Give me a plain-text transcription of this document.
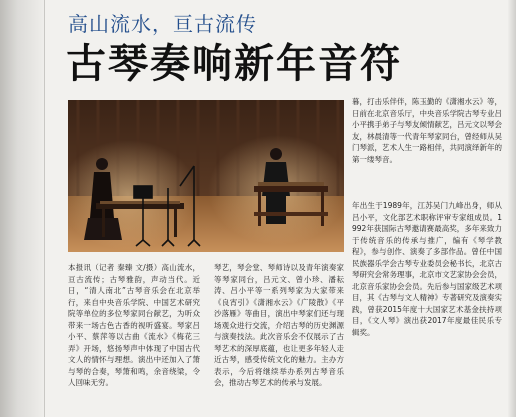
高山流水，亘古流传
古琴奏响新年音符

暮，打击乐伴伴，陈玉勤的《潇湘水云》等，日前在北京音乐厅，中央音乐学院古琴专业吕小平携手弟子与琴友倾情献艺，吕元文以琴会友，林晨清等一代青年琴家同台，曾经师从吴门琴派，艺术人生一路相伴，共同演绎新年的第一缕琴音。

年出生于1989年，江苏吴门九峰出身，师从吕小平，文化部艺术职称评审专家组成员。1992年获国际古琴邀请赛最高奖，多年来致力于传统音乐的传承与推广，编有《琴学教程》，参与创作、演奏了多部作品。曾任中国民族器乐学会古琴专业委员会秘书长，北京古琴研究会常务理事，北京市文艺家协会会员，北京音乐家协会会员。先后参与国家级艺术项目，其《古琴与文人精神》专著研究及演奏实践，曾获2015年度十大国家艺术基金扶持项目，《文人琴》演出获2017年度最佳民乐专辑奖。

本报讯（记者 秦臻 文/摄）高山流水，亘古流传；古琴雅韵，声动当代。近日，“清人南北”古琴音乐会在北京举行，来自中央音乐学院、中国艺术研究院等单位的多位琴家同台献艺，为听众带来一场古色古香的视听盛宴。琴家吕小平、蔡萍等以古曲《流水》《梅花三弄》开场，悠扬琴声中体现了中国古代文人的情怀与理想。演出中还加入了箫与琴的合奏，琴箫和鸣，余音绕梁，令人回味无穷。

琴艺，琴会堂、琴师诗以及青年演奏家等琴家同台，吕元文、曾小珍、潘耘涛、吕小平等一系列琴家为大家带来《良宵引》《潇湘水云》《广陵散》《平沙落雁》等曲目，演出中琴家们还与现场观众进行交流，介绍古琴的历史渊源与演奏技法。此次音乐会不仅展示了古琴艺术的深厚底蕴，也让更多年轻人走近古琴，感受传统文化的魅力。主办方表示，今后将继续举办系列古琴音乐会，推动古琴艺术的传承与发展。
